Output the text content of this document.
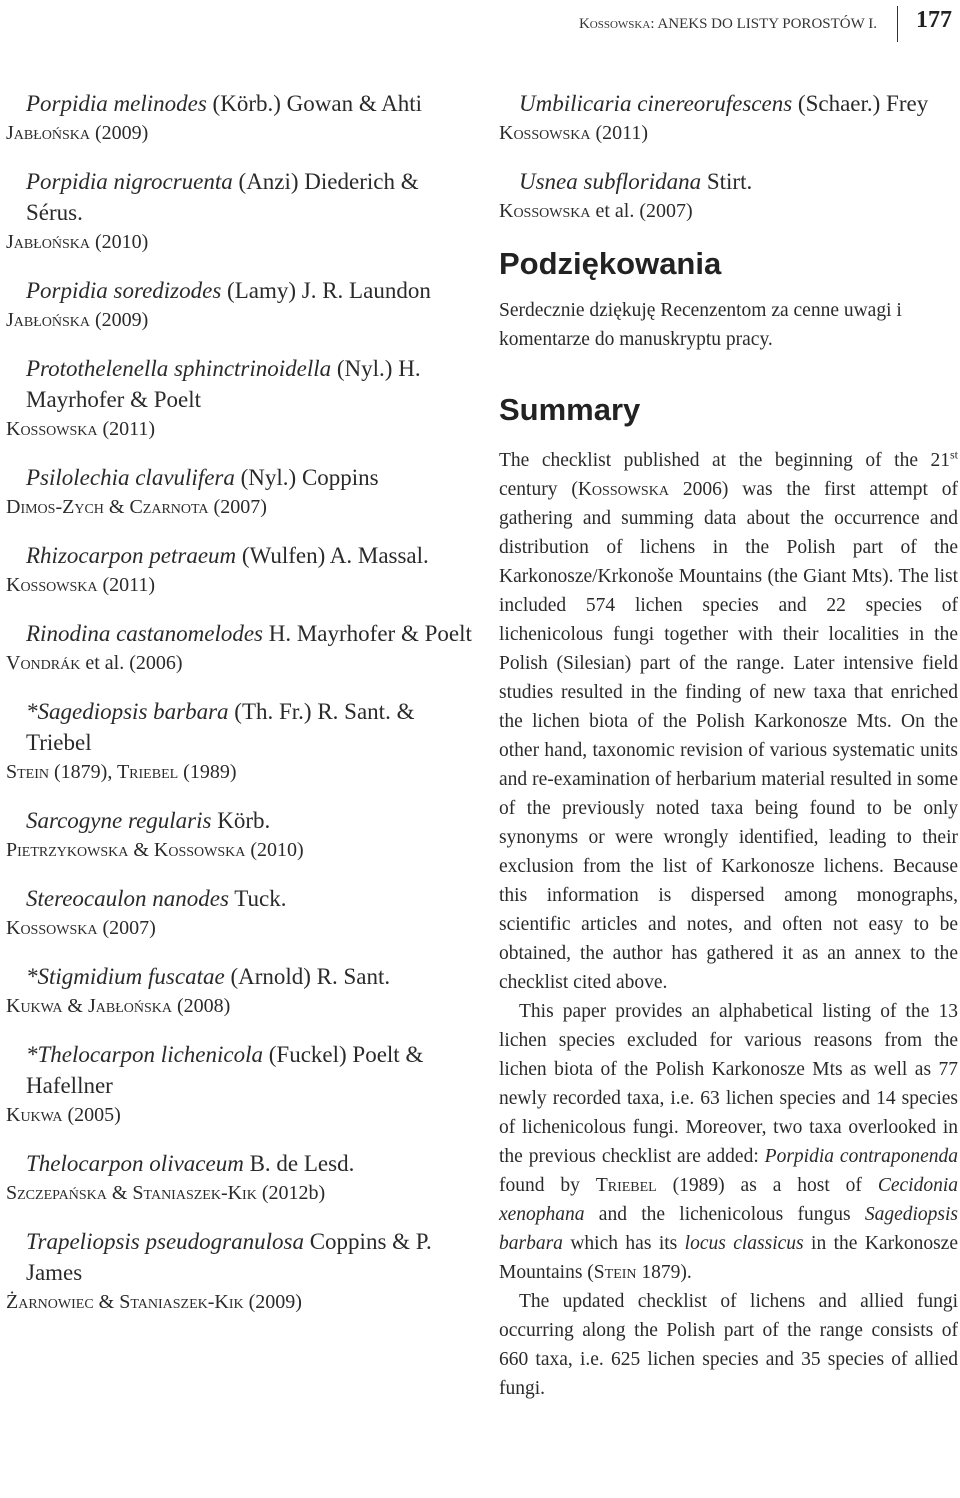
Kossowska: ANEKS DO LISTY POROSTÓW I. 177
Porpidia melinodes (Körb.) Gowan & Ahti
Jabłońska (2009)
Porpidia nigrocruenta (Anzi) Diederich & Sérus.
Jabłońska (2010)
Porpidia soredizodes (Lamy) J. R. Laundon
Jabłońska (2009)
Protothelenella sphinctrinoidella (Nyl.) H. Mayrhofer & Poelt
Kossowska (2011)
Psilolechia clavulifera (Nyl.) Coppins
Dimos-Zych & Czarnota (2007)
Rhizocarpon petraeum (Wulfen) A. Massal.
Kossowska (2011)
Rinodina castanomelodes H. Mayrhofer & Poelt
Vondrák et al. (2006)
*Sagediopsis barbara (Th. Fr.) R. Sant. & Triebel
Stein (1879), Triebel (1989)
Sarcogyne regularis Körb.
Pietrzykowska & Kossowska (2010)
Stereocaulon nanodes Tuck.
Kossowska (2007)
*Stigmidium fuscatae (Arnold) R. Sant.
Kukwa & Jabłońska (2008)
*Thelocarpon lichenicola (Fuckel) Poelt & Hafellner
Kukwa (2005)
Thelocarpon olivaceum B. de Lesd.
Szczepańska & Staniaszek-Kik (2012b)
Trapeliopsis pseudogranulosa Coppins & P. James
Żarnowiec & Staniaszek-Kik (2009)
Umbilicaria cinereorufescens (Schaer.) Frey
Kossowska (2011)
Usnea subfloridana Stirt.
Kossowska et al. (2007)
Podziękowania

Serdecznie dziękuję Recenzentom za cenne uwagi i komentarze do manuskryptu pracy.

Summary

The checklist published at the beginning of the 21st century (Kossowska 2006) was the first attempt of gathering and summing data about the occurrence and distribution of lichens in the Polish part of the Karkonosze/Krkonoše Mountains (the Giant Mts). The list included 574 lichen species and 22 species of lichenicolous fungi together with their localities in the Polish (Silesian) part of the range. Later intensive field studies resulted in the finding of new taxa that enriched the lichen biota of the Polish Karkonosze Mts. On the other hand, taxonomic revision of various systematic units and re-examination of herbarium material resulted in some of the previously noted taxa being found to be only synonyms or were wrongly identified, leading to their exclusion from the list of Karkonosze lichens. Because this information is dispersed among monographs, scientific articles and notes, and often not easy to be obtained, the author has gathered it as an annex to the checklist cited above.

This paper provides an alphabetical listing of the 13 lichen species excluded for various reasons from the lichen biota of the Polish Karkonosze Mts as well as 77 newly recorded taxa, i.e. 63 lichen species and 14 species of lichenicolous fungi. Moreover, two taxa overlooked in the previous checklist are added: Porpidia contraponenda found by Triebel (1989) as a host of Cecidonia xenophana and the lichenicolous fungus Sagediopsis barbara which has its locus classicus in the Karkonosze Mountains (Stein 1879).

The updated checklist of lichens and allied fungi occurring along the Polish part of the range consists of 660 taxa, i.e. 625 lichen species and 35 species of allied fungi.
